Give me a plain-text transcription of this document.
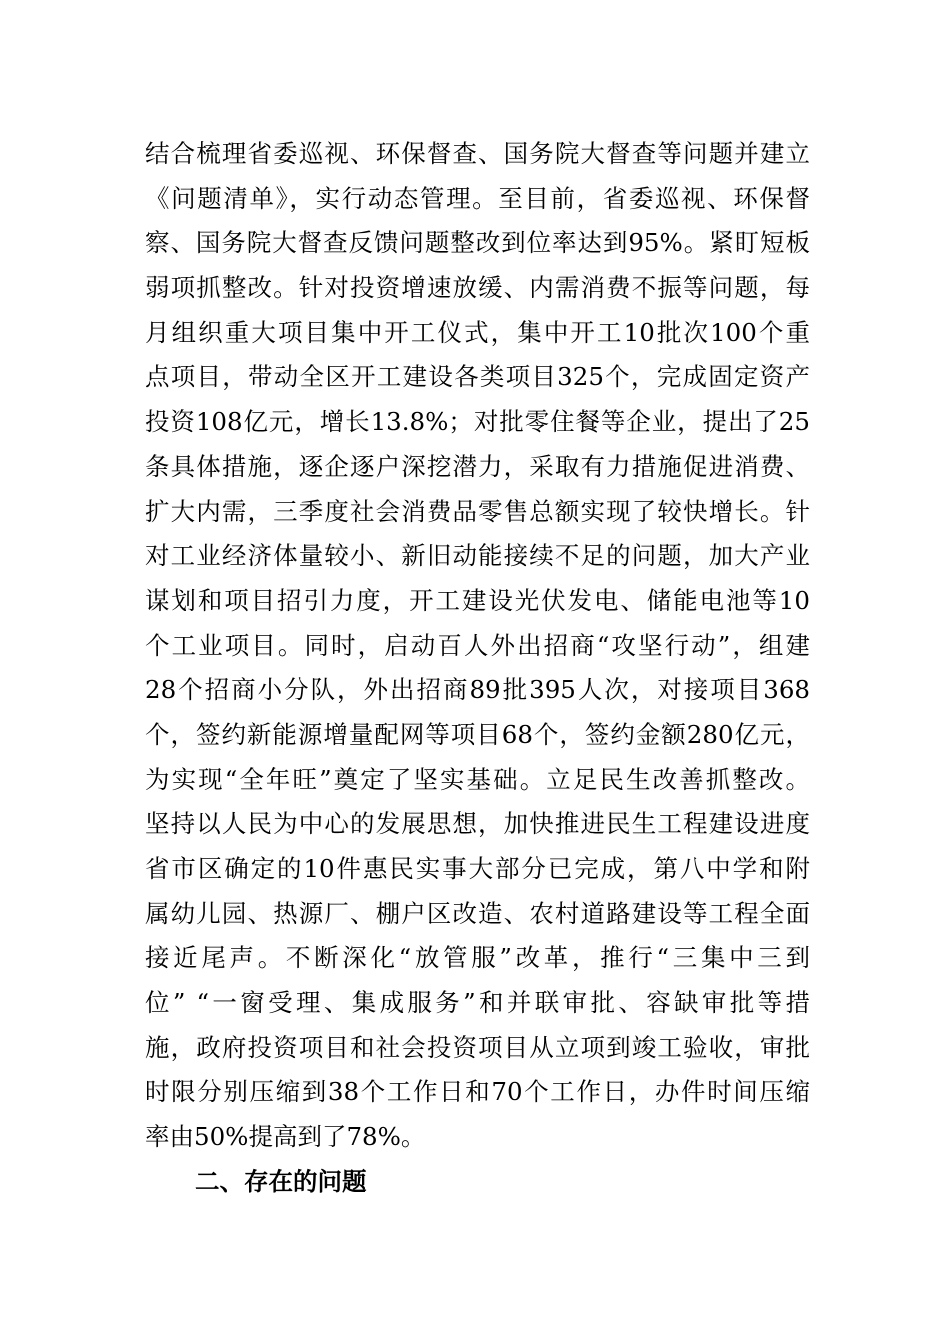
结合梳理省委巡视、环保督查、国务院大督查等问题并建立
《问题清单》，实行动态管理。至目前，省委巡视、环保督
察、国务院大督查反馈问题整改到位率达到95%。紧盯短板
弱项抓整改。针对投资增速放缓、内需消费不振等问题，每
月组织重大项目集中开工仪式，集中开工10批次100个重
点项目，带动全区开工建设各类项目325个，完成固定资产
投资108亿元，增长13.8%；对批零住餐等企业，提出了25
条具体措施，逐企逐户深挖潜力，采取有力措施促进消费、
扩大内需，三季度社会消费品零售总额实现了较快增长。针
对工业经济体量较小、新旧动能接续不足的问题，加大产业
谋划和项目招引力度，开工建设光伏发电、储能电池等10
个工业项目。同时，启动百人外出招商“攻坚行动”，组建
28个招商小分队，外出招商89批395人次，对接项目368
个，签约新能源增量配网等项目68个，签约金额280亿元，
为实现“全年旺”奠定了坚实基础。立足民生改善抓整改。
坚持以人民为中心的发展思想，加快推进民生工程建设进度
省市区确定的10件惠民实事大部分已完成，第八中学和附
属幼儿园、热源厂、棚户区改造、农村道路建设等工程全面
接近尾声。不断深化“放管服”改革，推行“三集中三到
位” “一窗受理、集成服务”和并联审批、容缺审批等措
施，政府投资项目和社会投资项目从立项到竣工验收，审批
时限分别压缩到38个工作日和70个工作日，办件时间压缩
率由50%提高到了78%。
二、存在的问题
